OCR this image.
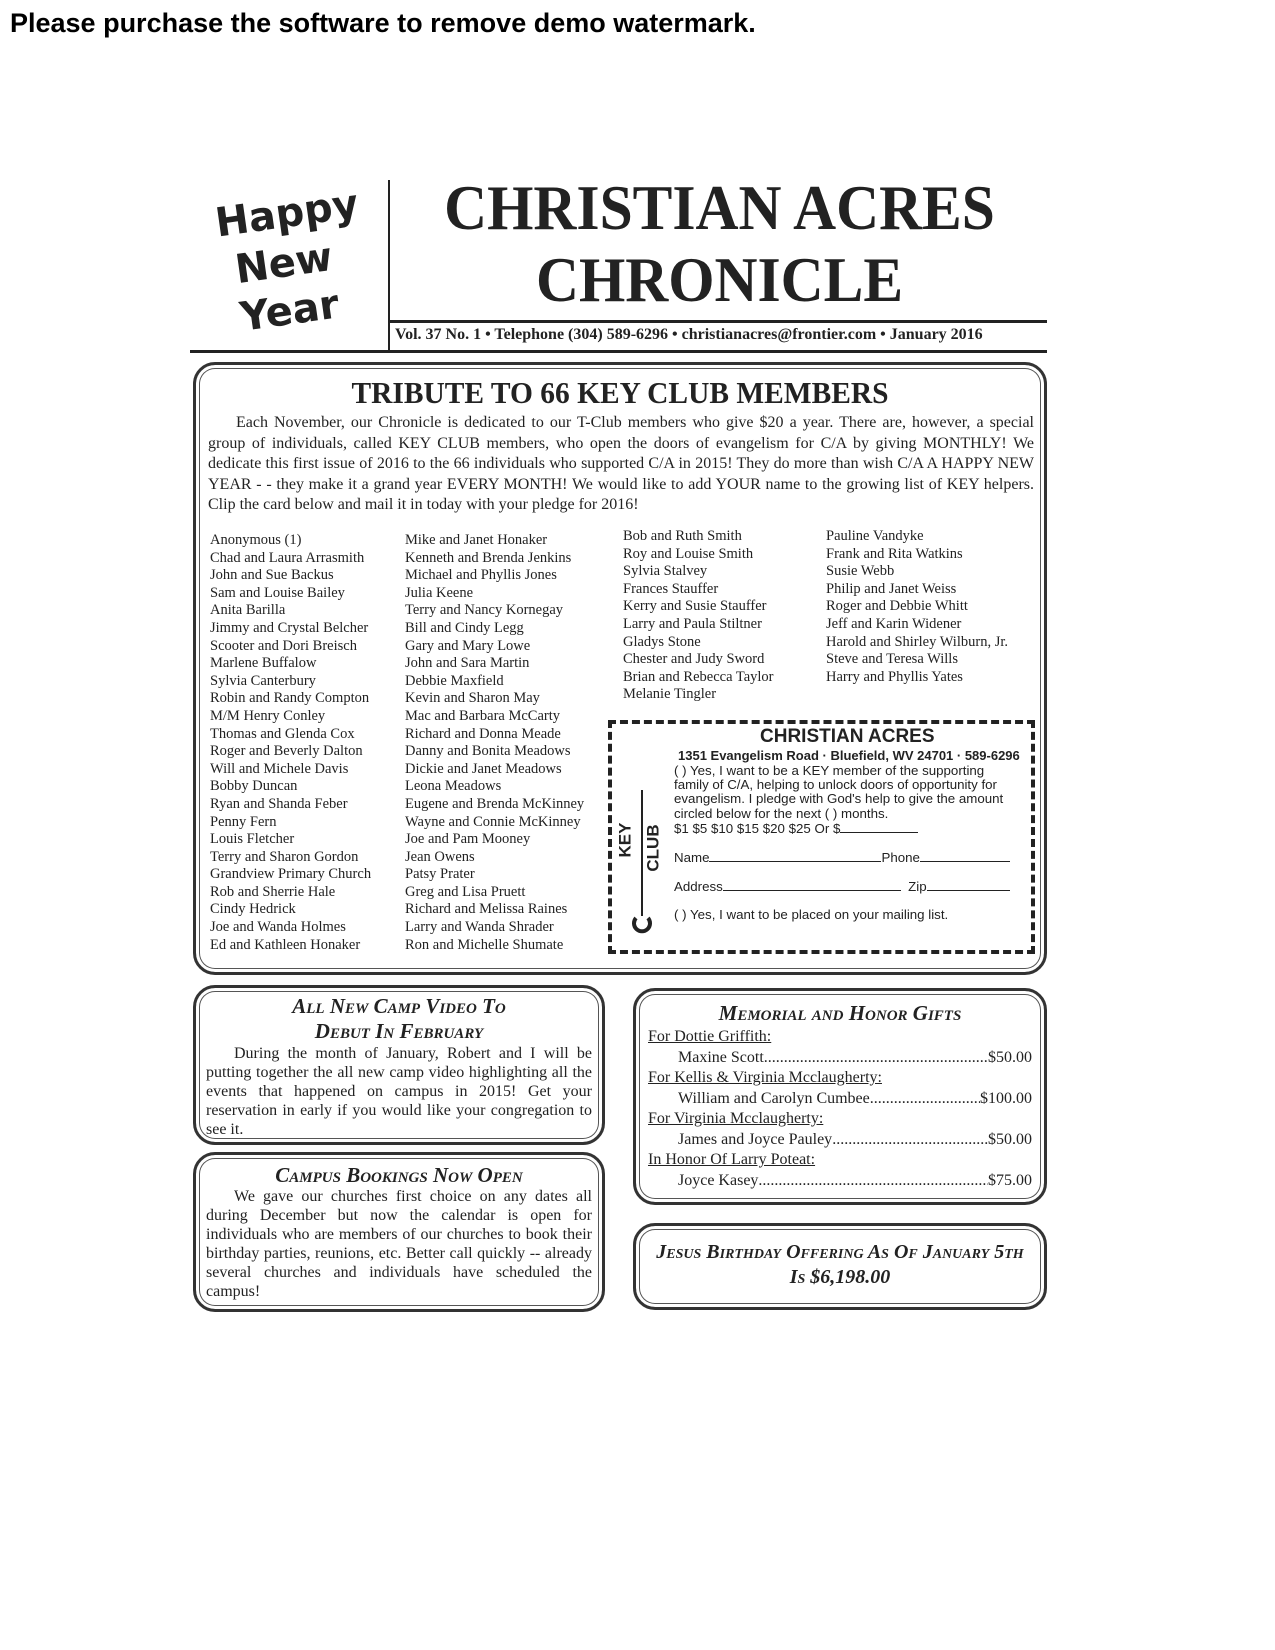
Please purchase the software to remove demo watermark.
Happy
New
Year
CHRISTIAN ACRES
CHRONICLE
Vol. 37 No. 1 • Telephone (304) 589-6296 • christianacres@frontier.com • January 2016
TRIBUTE TO 66 KEY CLUB MEMBERS
Each November, our Chronicle is dedicated to our T-Club members who give $20 a year. There are, however, a special group of individuals, called KEY CLUB members, who open the doors of evangelism for C/A by giving MONTHLY! We dedicate this first issue of 2016 to the 66 individuals who supported C/A in 2015! They do more than wish C/A A HAPPY NEW YEAR - - they make it a grand year EVERY MONTH! We would like to add YOUR name to the growing list of KEY helpers. Clip the card below and mail it in today with your pledge for 2016!
Anonymous (1)
Chad and Laura Arrasmith
John and Sue Backus
Sam and Louise Bailey
Anita Barilla
Jimmy and Crystal Belcher
Scooter and Dori Breisch
Marlene Buffalow
Sylvia Canterbury
Robin and Randy Compton
M/M Henry Conley
Thomas and Glenda Cox
Roger and Beverly Dalton
Will and Michele Davis
Bobby Duncan
Ryan and Shanda Feber
Penny Fern
Louis Fletcher
Terry and Sharon Gordon
Grandview Primary Church
Rob and Sherrie Hale
Cindy Hedrick
Joe and Wanda Holmes
Ed and Kathleen Honaker
Mike and Janet Honaker
Kenneth and Brenda Jenkins
Michael and Phyllis Jones
Julia Keene
Terry and Nancy Kornegay
Bill and Cindy Legg
Gary and Mary Lowe
John and Sara Martin
Debbie Maxfield
Kevin and Sharon May
Mac and Barbara McCarty
Richard and Donna Meade
Danny and Bonita Meadows
Dickie and Janet Meadows
Leona Meadows
Eugene and Brenda McKinney
Wayne and Connie McKinney
Joe and Pam Mooney
Jean Owens
Patsy Prater
Greg and Lisa Pruett
Richard and Melissa Raines
Larry and Wanda Shrader
Ron and Michelle Shumate
Bob and Ruth Smith
Roy and Louise Smith
Sylvia Stalvey
Frances Stauffer
Kerry and Susie Stauffer
Larry and Paula Stiltner
Gladys Stone
Chester and Judy Sword
Brian and Rebecca Taylor
Melanie Tingler
Pauline Vandyke
Frank and Rita Watkins
Susie Webb
Philip and Janet Weiss
Roger and Debbie Whitt
Jeff and Karin Widener
Harold and Shirley Wilburn, Jr.
Steve and Teresa Wills
Harry and Phyllis Yates
KEY CLUB
CHRISTIAN ACRES
1351 Evangelism Road · Bluefield, WV 24701 · 589-6296
( ) Yes, I want to be a KEY member of the supporting family of C/A, helping to unlock doors of opportunity for evangelism. I pledge with God's help to give the amount circled below for the next ( ) months.
$1 $5 $10 $15 $20 $25 Or $
Name	Phone
Address	Zip
( ) Yes, I want to be placed on your mailing list.
All New Camp Video To
Debut In February
During the month of January, Robert and I will be putting together the all new camp video highlighting all the events that happened on campus in 2015! Get your reservation in early if you would like your congregation to see it.
Campus Bookings Now Open
We gave our churches first choice on any dates all during December but now the calendar is open for individuals who are members of our churches to book their birthday parties, reunions, etc. Better call quickly -- already several churches and individuals have scheduled the campus!
Memorial and Honor Gifts
For Dottie Griffith:
Maxine Scott .....	$50.00
For Kellis & Virginia Mcclaugherty:
William and Carolyn Cumbee .....	$100.00
For Virginia Mcclaugherty:
James and Joyce Pauley .....	$50.00
In Honor Of Larry Poteat:
Joyce Kasey .....	$75.00
Jesus Birthday Offering As Of January 5th
Is $6,198.00
